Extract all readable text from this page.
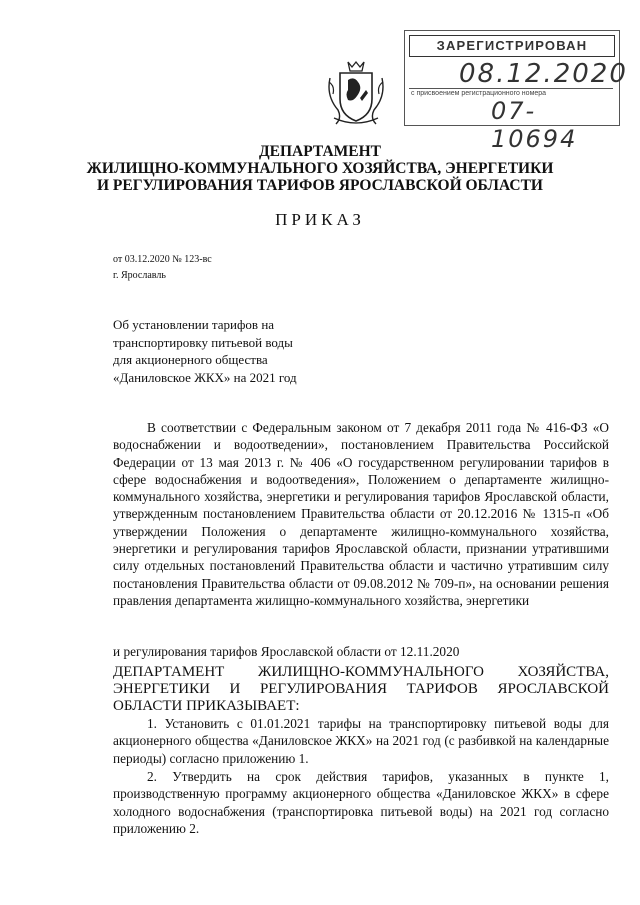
ЗАРЕГИСТРИРОВАН
08.12.2020
с присвоением регистрационного номера
07-10694
ДЕПАРТАМЕНТ
ЖИЛИЩНО-КОММУНАЛЬНОГО ХОЗЯЙСТВА, ЭНЕРГЕТИКИ
И РЕГУЛИРОВАНИЯ ТАРИФОВ ЯРОСЛАВСКОЙ ОБЛАСТИ
ПРИКАЗ
от 03.12.2020 № 123-вс
г. Ярославль
Об установлении тарифов на
транспортировку питьевой воды
для акционерного общества
«Даниловское ЖКХ» на 2021 год
В соответствии с Федеральным законом от 7 декабря 2011 года № 416-ФЗ «О водоснабжении и водоотведении», постановлением Правительства Российской Федерации от 13 мая 2013 г. № 406 «О государственном регулировании тарифов в сфере водоснабжения и водоотведения», Положением о департаменте жилищно-коммунального хозяйства, энергетики и регулирования тарифов Ярославской области, утвержденным постановлением Правительства области от 20.12.2016 № 1315-п «Об утверждении Положения о департаменте жилищно-коммунального хозяйства, энергетики и регулирования тарифов Ярославской области, признании утратившими силу отдельных постановлений Правительства области и частично утратившим силу постановления Правительства области от 09.08.2012 № 709-п», на основании решения правления департамента жилищно-коммунального хозяйства, энергетики
и регулирования тарифов Ярославской области от 12.11.2020
ДЕПАРТАМЕНТ ЖИЛИЩНО-КОММУНАЛЬНОГО ХОЗЯЙСТВА, ЭНЕРГЕТИКИ И РЕГУЛИРОВАНИЯ ТАРИФОВ ЯРОСЛАВСКОЙ ОБЛАСТИ ПРИКАЗЫВАЕТ:
1. Установить с 01.01.2021 тарифы на транспортировку питьевой воды для акционерного общества «Даниловское ЖКХ» на 2021 год (с разбивкой на календарные периоды) согласно приложению 1.
2. Утвердить на срок действия тарифов, указанных в пункте 1, производственную программу акционерного общества «Даниловское ЖКХ» в сфере холодного водоснабжения (транспортировка питьевой воды) на 2021 год согласно приложению 2.
